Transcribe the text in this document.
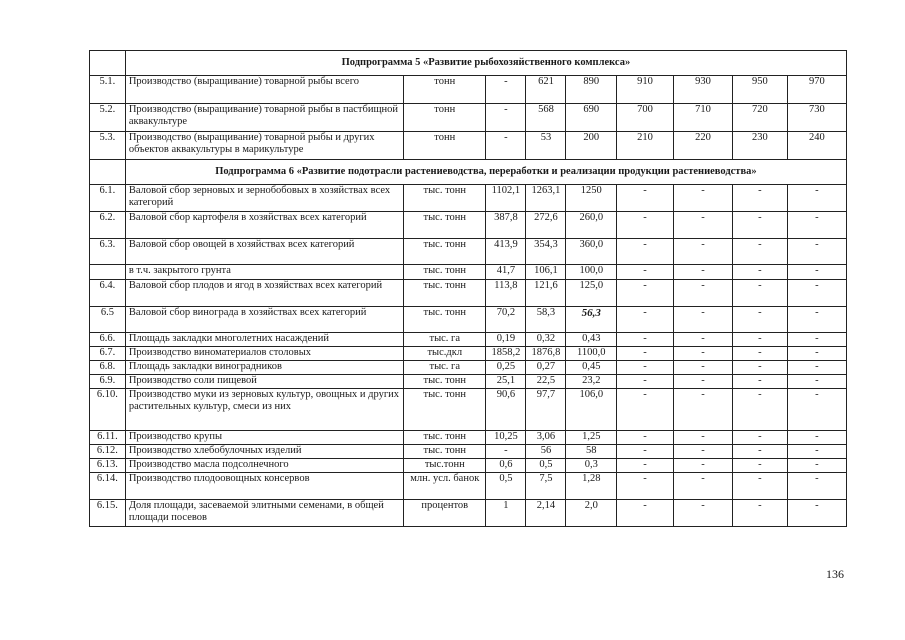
	Подпрограмма 5 «Развитие рыбохозяйственного комплекса»								
5.1.	Производство (выращивание) товарной рыбы всего	тонн	-	621	890	910	930	950	970
5.2.	Производство (выращивание) товарной рыбы в пастбищной аквакультуре	тонн	-	568	690	700	710	720	730
5.3.	Производство (выращивание) товарной рыбы и других объектов аквакультуры в марикультуре	тонн	-	53	200	210	220	230	240
	Подпрограмма 6 «Развитие подотрасли растениеводства, переработки и реализации продукции растениеводства»								
6.1.	Валовой сбор зерновых и зернобобовых в хозяйствах всех категорий	тыс. тонн	1102,1	1263,1	1250	-	-	-	-
6.2.	Валовой сбор картофеля в хозяйствах всех категорий	тыс. тонн	387,8	272,6	260,0	-	-	-	-
6.3.	Валовой сбор овощей в хозяйствах всех категорий	тыс. тонн	413,9	354,3	360,0	-	-	-	-
	в т.ч. закрытого грунта	тыс. тонн	41,7	106,1	100,0	-	-	-	-
6.4.	Валовой сбор плодов и ягод в хозяйствах всех категорий	тыс. тонн	113,8	121,6	125,0	-	-	-	-
6.5	Валовой сбор винограда в хозяйствах всех категорий	тыс. тонн	70,2	58,3	56,3	-	-	-	-
6.6.	Площадь закладки многолетних насаждений	тыс. га	0,19	0,32	0,43	-	-	-	-
6.7.	Производство виноматериалов столовых	тыс.дкл	1858,2	1876,8	1100,0	-	-	-	-
6.8.	Площадь закладки виноградников	тыс. га	0,25	0,27	0,45	-	-	-	-
6.9.	Производство соли пищевой	тыс. тонн	25,1	22,5	23,2	-	-	-	-
6.10.	Производство муки из зерновых культур, овощных и других растительных культур, смеси из них	тыс. тонн	90,6	97,7	106,0	-	-	-	-
6.11.	Производство крупы	тыс. тонн	10,25	3,06	1,25	-	-	-	-
6.12.	Производство хлебобулочных изделий	тыс. тонн	-	56	58	-	-	-	-
6.13.	Производство масла подсолнечного	тыс.тонн	0,6	0,5	0,3	-	-	-	-
6.14.	Производство плодоовощных консервов	млн. усл. банок	0,5	7,5	1,28	-	-	-	-
6.15.	Доля площади, засеваемой элитными семенами, в общей площади посевов	процентов	1	2,14	2,0	-	-	-	-
136
